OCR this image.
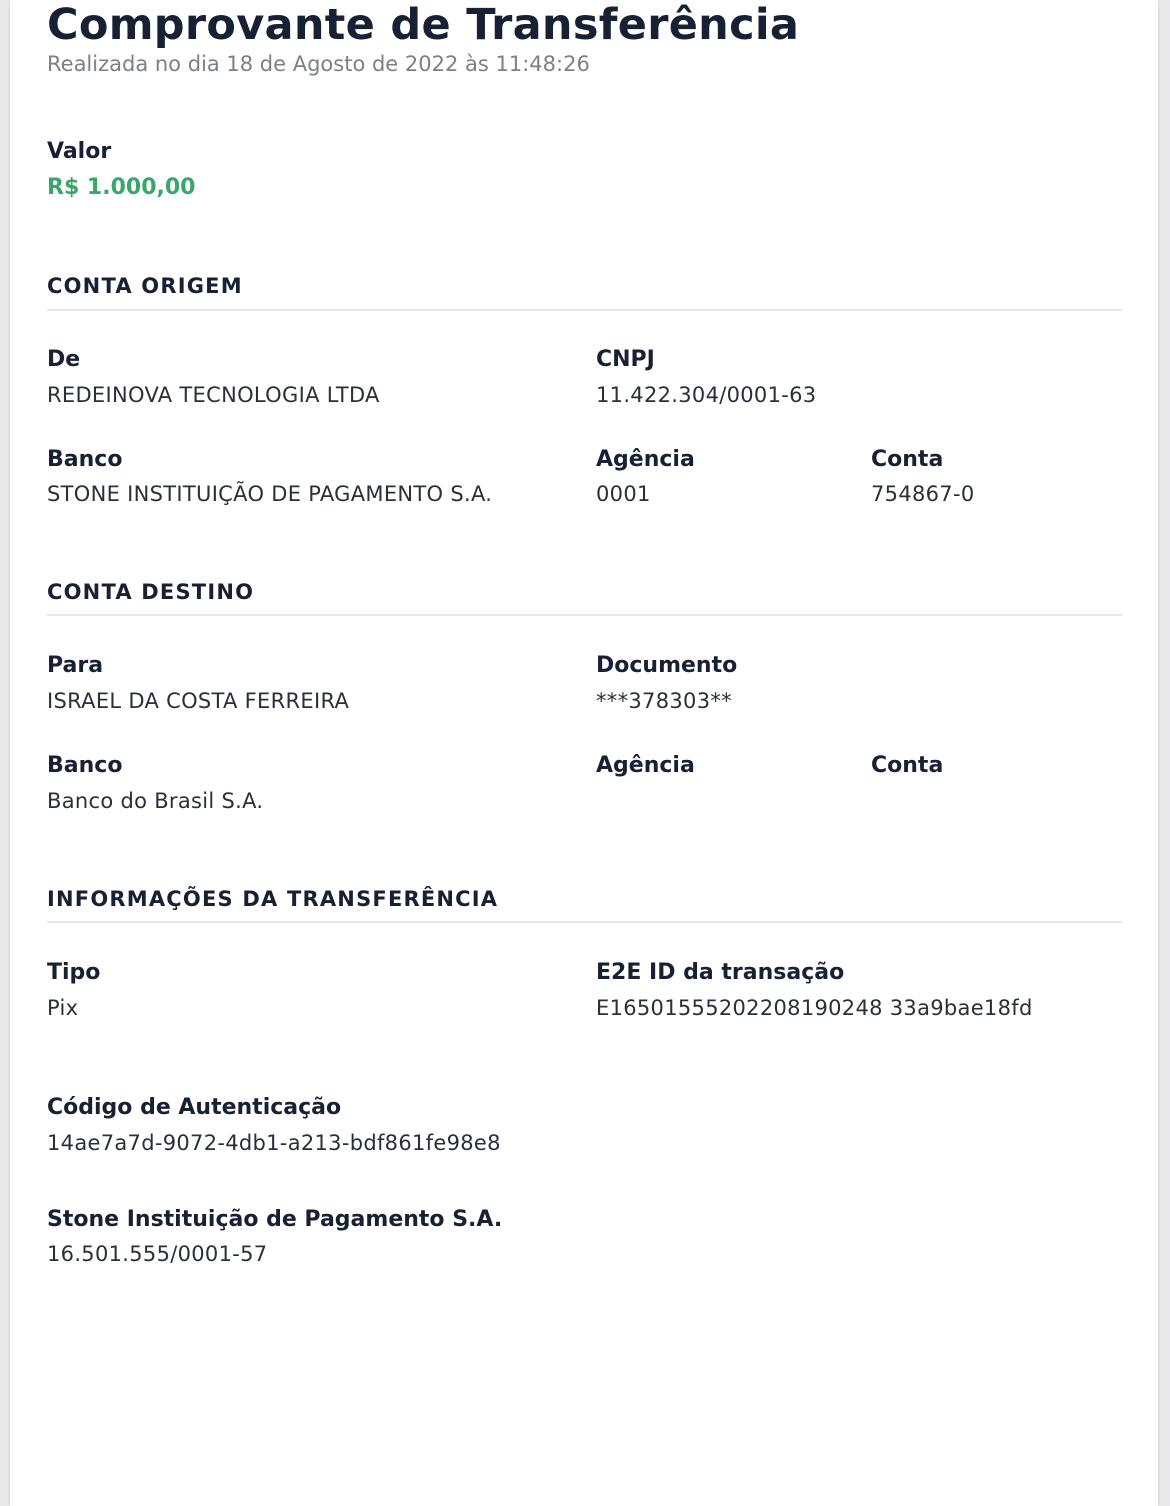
Comprovante de Transferência
Realizada no dia 18 de Agosto de 2022 às 11:48:26
Valor
R$ 1.000,00
CONTA ORIGEM
De
REDEINOVA TECNOLOGIA LTDA
CNPJ
11.422.304/0001-63
Banco
STONE INSTITUIÇÃO DE PAGAMENTO S.A.
Agência
0001
Conta
754867-0
CONTA DESTINO
Para
ISRAEL DA COSTA FERREIRA
Documento
***378303**
Banco
Banco do Brasil S.A.
Agência	Conta
INFORMAÇÕES DA TRANSFERÊNCIA
Tipo
Pix
E2E ID da transação
E16501555202208190248 33a9bae18fd
Código de Autenticação
14ae7a7d-9072-4db1-a213-bdf861fe98e8
Stone Instituição de Pagamento S.A.
16.501.555/0001-57
